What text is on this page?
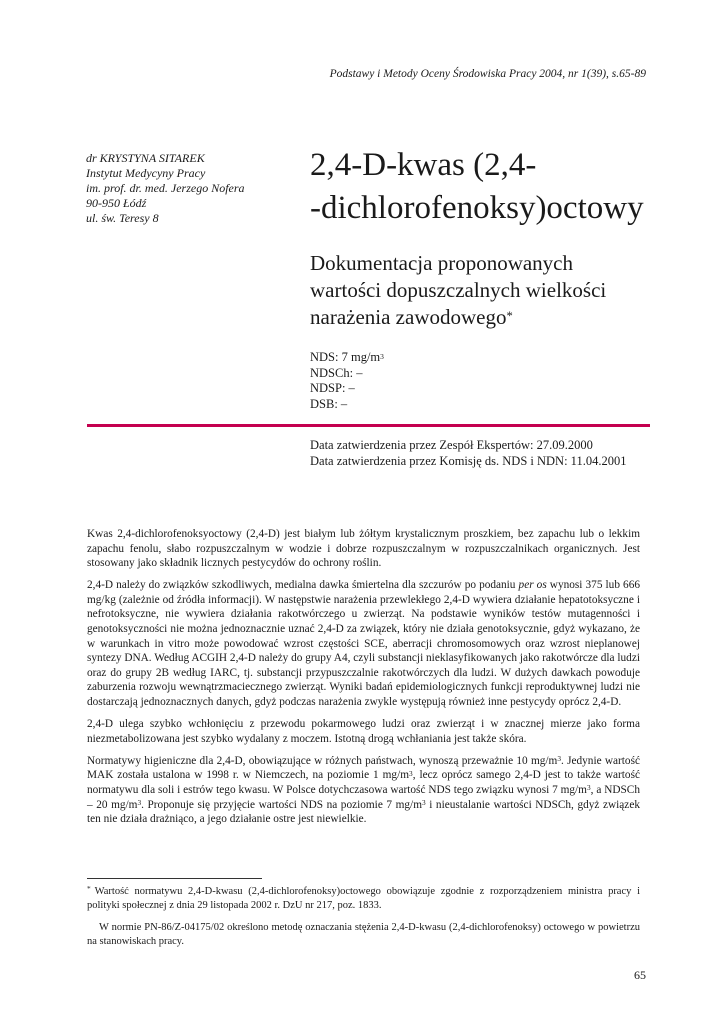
Podstawy i Metody Oceny Środowiska Pracy 2004, nr 1(39), s.65-89
dr KRYSTYNA SITAREK
Instytut Medycyny Pracy
im. prof. dr. med. Jerzego Nofera
90-950 Łódź
ul. św. Teresy 8
2,4-D-kwas (2,4-
-dichlorofenoksy)octowy
Dokumentacja proponowanych
wartości dopuszczalnych wielkości
narażenia zawodowego*
NDS: 7 $mg/m^3$
NDSCh: –
NDSP: –
DSB: –
Data zatwierdzenia przez Zespół Ekspertów: 27.09.2000
Data zatwierdzenia przez Komisję ds. NDS i NDN: 11.04.2001

Kwas 2,4-dichlorofenoksyoctowy (2,4-D) jest białym lub żółtym krystalicznym proszkiem, bez zapachu lub o lekkim zapachu fenolu, słabo rozpuszczalnym w wodzie i dobrze rozpuszczalnym w rozpuszczalnikach organicznych. Jest stosowany jako składnik licznych pestycydów do ochrony roślin.

2,4-D należy do związków szkodliwych, medialna dawka śmiertelna dla szczurów po podaniu per os wynosi 375 lub 666 mg/kg (zależnie od źródła informacji). W następstwie narażenia przewlekłego 2,4-D wywiera działanie hepatotoksyczne i nefrotoksyczne, nie wywiera działania rakotwórczego u zwierząt. Na podstawie wyników testów mutagenności i genotoksyczności nie można jednoznacznie uznać 2,4-D za związek, który nie działa genotoksycznie, gdyż wykazano, że w warunkach in vitro może powodować wzrost częstości SCE, aberracji chromosomowych oraz wzrost nieplanowej syntezy DNA. Według ACGIH 2,4-D należy do grupy A4, czyli substancji nieklasyfikowanych jako rakotwórcze dla ludzi oraz do grupy 2B według IARC, tj. substancji przypuszczalnie rakotwórczych dla ludzi. W dużych dawkach powoduje zaburzenia rozwoju wewnątrzmaciecznego zwierząt. Wyniki badań epidemiologicznych funkcji reproduktywnej ludzi nie dostarczają jednoznacznych danych, gdyż podczas narażenia zwykle występują również inne pestycydy oprócz 2,4-D.

2,4-D ulega szybko wchłonięciu z przewodu pokarmowego ludzi oraz zwierząt i w znacznej mierze jako forma niezmetabolizowana jest szybko wydalany z moczem. Istotną drogą wchłaniania jest także skóra.

Normatywy higieniczne dla 2,4-D, obowiązujące w różnych państwach, wynoszą przeważnie 10 $mg/m^3$. Jedynie wartość MAK została ustalona w 1998 r. w Niemczech, na poziomie 1 $mg/m^3$, lecz oprócz samego 2,4-D jest to także wartość normatywu dla soli i estrów tego kwasu. W Polsce dotychczasowa wartość NDS tego związku wynosi 7 $mg/m^3$, a NDSCh – 20 $mg/m^3$. Proponuje się przyjęcie wartości NDS na poziomie 7 $mg/m^3$ i nieustalanie wartości NDSCh, gdyż związek ten nie działa drażniąco, a jego działanie ostre jest niewielkie.

* Wartość normatywu 2,4-D-kwasu (2,4-dichlorofenoksy)octowego obowiązuje zgodnie z rozporządzeniem ministra pracy i polityki społecznej z dnia 29 listopada 2002 r. DzU nr 217, poz. 1833.

W normie PN-86/Z-04175/02 określono metodę oznaczania stężenia 2,4-D-kwasu (2,4-dichlorofenoksy) octowego w powietrzu na stanowiskach pracy.

65
